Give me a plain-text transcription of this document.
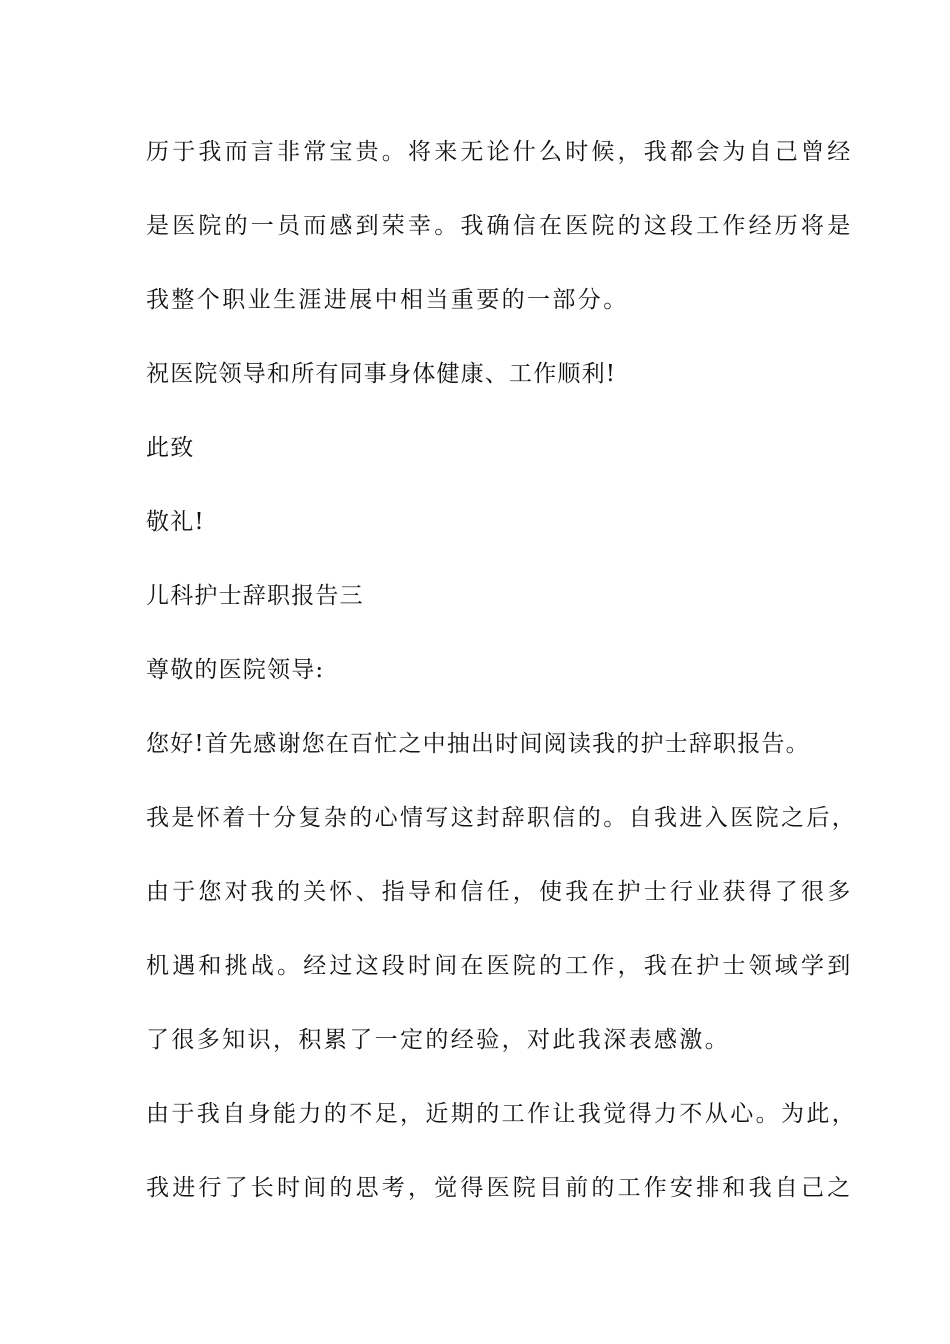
历于我而言非常宝贵。将来无论什么时候，我都会为自己曾经
是医院的一员而感到荣幸。我确信在医院的这段工作经历将是
我整个职业生涯进展中相当重要的一部分。
祝医院领导和所有同事身体健康、工作顺利!
此致
敬礼!
儿科护士辞职报告三
尊敬的医院领导:
您好!首先感谢您在百忙之中抽出时间阅读我的护士辞职报告。
我是怀着十分复杂的心情写这封辞职信的。自我进入医院之后，
由于您对我的关怀、指导和信任，使我在护士行业获得了很多
机遇和挑战。经过这段时间在医院的工作，我在护士领域学到
了很多知识，积累了一定的经验，对此我深表感激。
由于我自身能力的不足，近期的工作让我觉得力不从心。为此，
我进行了长时间的思考，觉得医院目前的工作安排和我自己之
